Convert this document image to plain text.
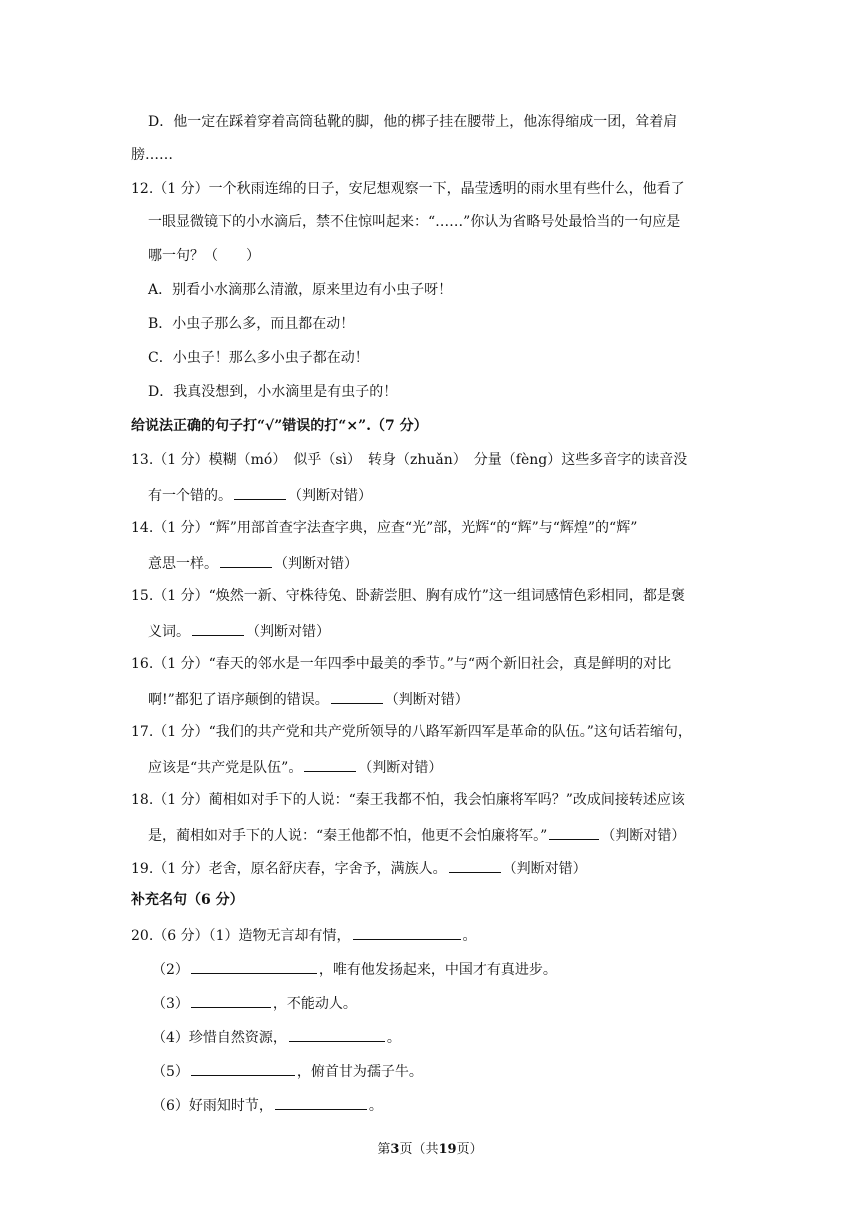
D．他一定在踩着穿着高筒毡靴的脚，他的梆子挂在腰带上，他冻得缩成一团，耸着肩
膀……
12.（1 分）一个秋雨连绵的日子，安尼想观察一下，晶莹透明的雨水里有些什么，他看了
一眼显微镜下的小水滴后，禁不住惊叫起来：“……”你认为省略号处最恰当的一句应是
哪一句？（　　）
A．别看小水滴那么清澈，原来里边有小虫子呀！
B．小虫子那么多，而且都在动！
C．小虫子！那么多小虫子都在动！
D．我真没想到，小水滴里是有虫子的！
给说法正确的句子打“√”错误的打“×”.（7 分）
13.（1 分）模糊（mó）　似乎（sì）　转身（zhuǎn）　分量（fèng）这些多音字的读音没
有一个错的。	（判断对错）
14.（1 分）“辉”用部首查字法查字典，应查“光”部，光辉“的“辉”与“辉煌”的“辉”
意思一样。	（判断对错）
15.（1 分）“焕然一新、守株待兔、卧薪尝胆、胸有成竹”这一组词感情色彩相同，都是褒
义词。	（判断对错）
16.（1 分）“春天的邻水是一年四季中最美的季节。”与“两个新旧社会，真是鲜明的对比
啊!”都犯了语序颠倒的错误。	（判断对错）
17.（1 分）“我们的共产党和共产党所领导的八路军新四军是革命的队伍。”这句话若缩句，
应该是“共产党是队伍”。	（判断对错）
18.（1 分）蔺相如对手下的人说：“秦王我都不怕，我会怕廉将军吗？”改成间接转述应该
是，蔺相如对手下的人说：“秦王他都不怕，他更不会怕廉将军。”	（判断对错）
19.（1 分）老舍，原名舒庆春，字舍予，满族人。	（判断对错）
补充名句（6 分）
20.（6 分）（1）造物无言却有情，	。
（2）	，唯有他发扬起来，中国才有真进步。
（3）	，不能动人。
（4）珍惜自然资源，	。
（5）	，俯首甘为孺子牛。
（6）好雨知时节，	。
第3页（共19页）
